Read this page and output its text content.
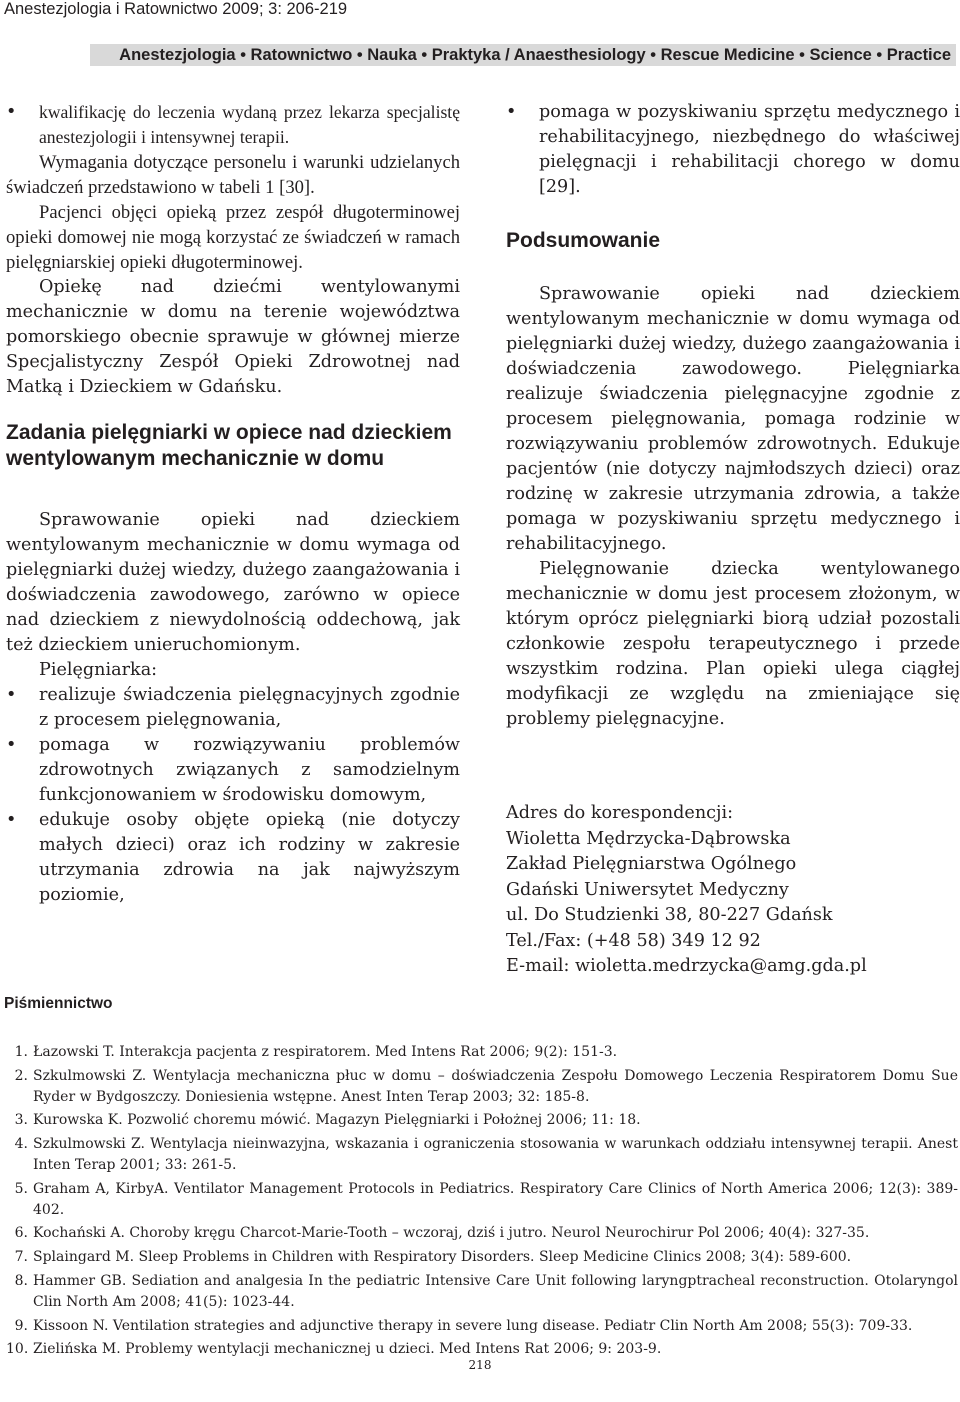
Anestezjologia i Ratownictwo 2009; 3: 206-219
Anestezjologia • Ratownictwo • Nauka • Praktyka / Anaesthesiology • Rescue Medicine • Science • Practice
• kwalifikację do leczenia wydaną przez lekarza specjalistę anestezjologii i intensywnej terapii.

Wymagania dotyczące personelu i warunki udzielanych świadczeń przedstawiono w tabeli 1 [30].

Pacjenci objęci opieką przez zespół długoterminowej opieki domowej nie mogą korzystać ze świadczeń w ramach pielęgniarskiej opieki długoterminowej.

Opiekę nad dziećmi wentylowanymi mechanicznie w domu na terenie województwa pomorskiego obecnie sprawuje w głównej mierze Specjalistyczny Zespół Opieki Zdrowotnej nad Matką i Dzieckiem w Gdańsku.

Zadania pielęgniarki w opiece nad dzieckiem wentylowanym mechanicznie w domu

Sprawowanie opieki nad dzieckiem wentylowanym mechanicznie w domu wymaga od pielęgniarki dużej wiedzy, dużego zaangażowania i doświadczenia zawodowego, zarówno w opiece nad dzieckiem z niewydolnością oddechową, jak też dzieckiem unieruchomionym.

Pielęgniarka:

• realizuje świadczenia pielęgnacyjnych zgodnie z procesem pielęgnowania,
• pomaga w rozwiązywaniu problemów zdrowotnych związanych z samodzielnym funkcjonowaniem w środowisku domowym,
• edukuje osoby objęte opieką (nie dotyczy małych dzieci) oraz ich rodziny w zakresie utrzymania zdrowia na jak najwyższym poziomie,
• pomaga w pozyskiwaniu sprzętu medycznego i rehabilitacyjnego, niezbędnego do właściwej pielęgnacji i rehabilitacji chorego w domu [29].
Podsumowanie

Sprawowanie opieki nad dzieckiem wentylowanym mechanicznie w domu wymaga od pielęgniarki dużej wiedzy, dużego zaangażowania i doświadczenia zawodowego. Pielęgniarka realizuje świadczenia pielęgnacyjne zgodnie z procesem pielęgnowania, pomaga rodzinie w rozwiązywaniu problemów zdrowotnych. Edukuje pacjentów (nie dotyczy najmłodszych dzieci) oraz rodzinę w zakresie utrzymania zdrowia, a także pomaga w pozyskiwaniu sprzętu medycznego i rehabilitacyjnego.

Pielęgnowanie dziecka wentylowanego mechanicznie w domu jest procesem złożonym, w którym oprócz pielęgniarki biorą udział pozostali członkowie zespołu terapeutycznego i przede wszystkim rodzina. Plan opieki ulega ciągłej modyfikacji ze względu na zmieniające się problemy pielęgnacyjne.

Adres do korespondencji:

Wioletta Mędrzycka-Dąbrowska

Zakład Pielęgniarstwa Ogólnego

Gdański Uniwersytet Medyczny

ul. Do Studzienki 38, 80-227 Gdańsk

Tel./Fax: (+48 58) 349 12 92

E-mail: wioletta.medrzycka@amg.gda.pl

Piśmiennictwo
1. Łazowski T. Interakcja pacjenta z respiratorem. Med Intens Rat 2006; 9(2): 151-3.
2. Szkulmowski Z. Wentylacja mechaniczna płuc w domu – doświadczenia Zespołu Domowego Leczenia Respiratorem Domu Sue Ryder w Bydgoszczy. Doniesienia wstępne. Anest Inten Terap 2003; 32: 185-8.
3. Kurowska K. Pozwolić choremu mówić. Magazyn Pielęgniarki i Położnej 2006; 11: 18.
4. Szkulmowski Z. Wentylacja nieinwazyjna, wskazania i ograniczenia stosowania w warunkach oddziału intensywnej terapii. Anest Inten Terap 2001; 33: 261-5.
5. Graham A, KirbyA. Ventilator Management Protocols in Pediatrics. Respiratory Care Clinics of North America 2006; 12(3): 389-402.
6. Kochański A. Choroby kręgu Charcot-Marie-Tooth – wczoraj, dziś i jutro. Neurol Neurochirur Pol 2006; 40(4): 327-35.
7. Splaingard M. Sleep Problems in Children with Respiratory Disorders. Sleep Medicine Clinics 2008; 3(4): 589-600.
8. Hammer GB. Sediation and analgesia In the pediatric Intensive Care Unit following laryngptracheal reconstruction. Otolaryngol Clin North Am 2008; 41(5): 1023-44.
9. Kissoon N. Ventilation strategies and adjunctive therapy in severe lung disease. Pediatr Clin North Am 2008; 55(3): 709-33.
10. Zielińska M. Problemy wentylacji mechanicznej u dzieci. Med Intens Rat 2006; 9: 203-9.
218
